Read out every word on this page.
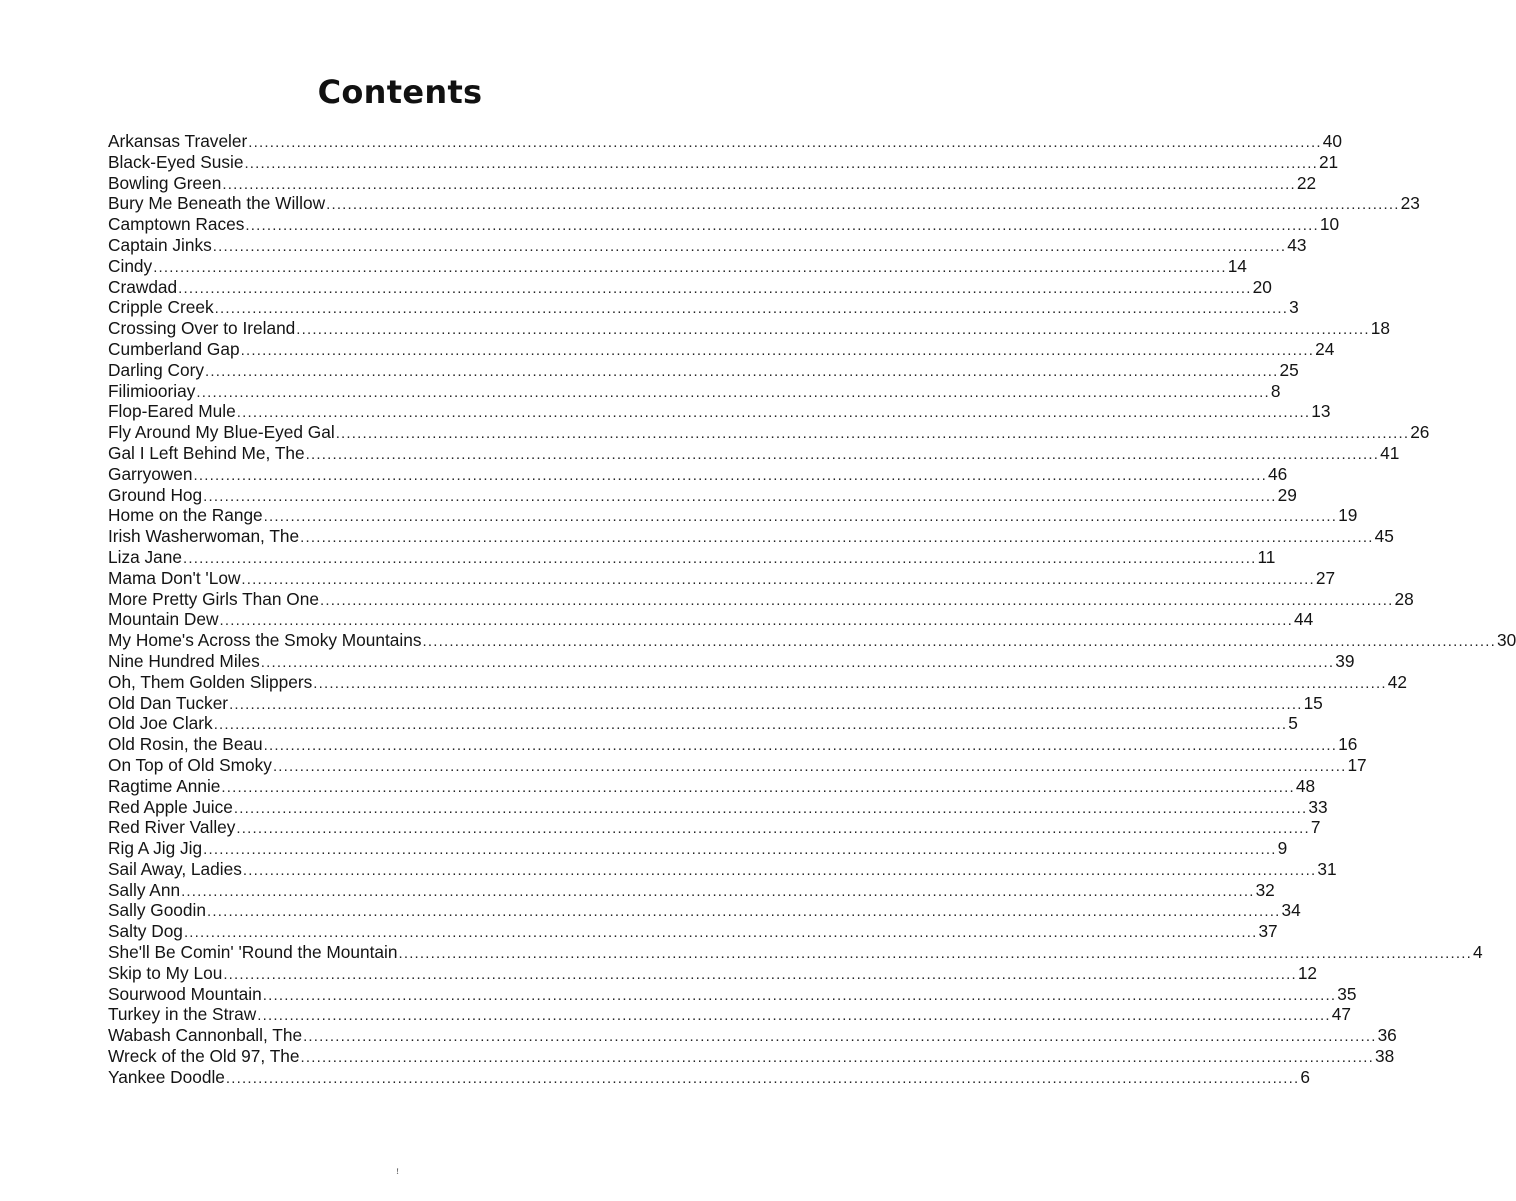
Contents
Arkansas Traveler ........................................................................................................................................................................................................ 40
Black-Eyed Susie ........................................................................................................................................................................................................ 21
Bowling Green ........................................................................................................................................................................................................ 22
Bury Me Beneath the Willow ........................................................................................................................................................................................................ 23
Camptown Races ........................................................................................................................................................................................................ 10
Captain Jinks ........................................................................................................................................................................................................ 43
Cindy ........................................................................................................................................................................................................ 14
Crawdad ........................................................................................................................................................................................................ 20
Cripple Creek ........................................................................................................................................................................................................ 3
Crossing Over to Ireland ........................................................................................................................................................................................................ 18
Cumberland Gap ........................................................................................................................................................................................................ 24
Darling Cory ........................................................................................................................................................................................................ 25
Filimiooriay ........................................................................................................................................................................................................ 8
Flop-Eared Mule ........................................................................................................................................................................................................ 13
Fly Around My Blue-Eyed Gal ........................................................................................................................................................................................................ 26
Gal I Left Behind Me, The ........................................................................................................................................................................................................ 41
Garryowen ........................................................................................................................................................................................................ 46
Ground Hog ........................................................................................................................................................................................................ 29
Home on the Range ........................................................................................................................................................................................................ 19
Irish Washerwoman, The ........................................................................................................................................................................................................ 45
Liza Jane ........................................................................................................................................................................................................ 11
Mama Don't 'Low ........................................................................................................................................................................................................ 27
More Pretty Girls Than One ........................................................................................................................................................................................................ 28
Mountain Dew ........................................................................................................................................................................................................ 44
My Home's Across the Smoky Mountains ........................................................................................................................................................................................................ 30
Nine Hundred Miles ........................................................................................................................................................................................................ 39
Oh, Them Golden Slippers ........................................................................................................................................................................................................ 42
Old Dan Tucker ........................................................................................................................................................................................................ 15
Old Joe Clark ........................................................................................................................................................................................................ 5
Old Rosin, the Beau ........................................................................................................................................................................................................ 16
On Top of Old Smoky ........................................................................................................................................................................................................ 17
Ragtime Annie ........................................................................................................................................................................................................ 48
Red Apple Juice ........................................................................................................................................................................................................ 33
Red River Valley ........................................................................................................................................................................................................ 7
Rig A Jig Jig ........................................................................................................................................................................................................ 9
Sail Away, Ladies ........................................................................................................................................................................................................ 31
Sally Ann ........................................................................................................................................................................................................ 32
Sally Goodin ........................................................................................................................................................................................................ 34
Salty Dog ........................................................................................................................................................................................................ 37
She'll Be Comin' 'Round the Mountain ........................................................................................................................................................................................................ 4
Skip to My Lou ........................................................................................................................................................................................................ 12
Sourwood Mountain ........................................................................................................................................................................................................ 35
Turkey in the Straw ........................................................................................................................................................................................................ 47
Wabash Cannonball, The ........................................................................................................................................................................................................ 36
Wreck of the Old 97, The ........................................................................................................................................................................................................ 38
Yankee Doodle ........................................................................................................................................................................................................ 6
ꜝ
